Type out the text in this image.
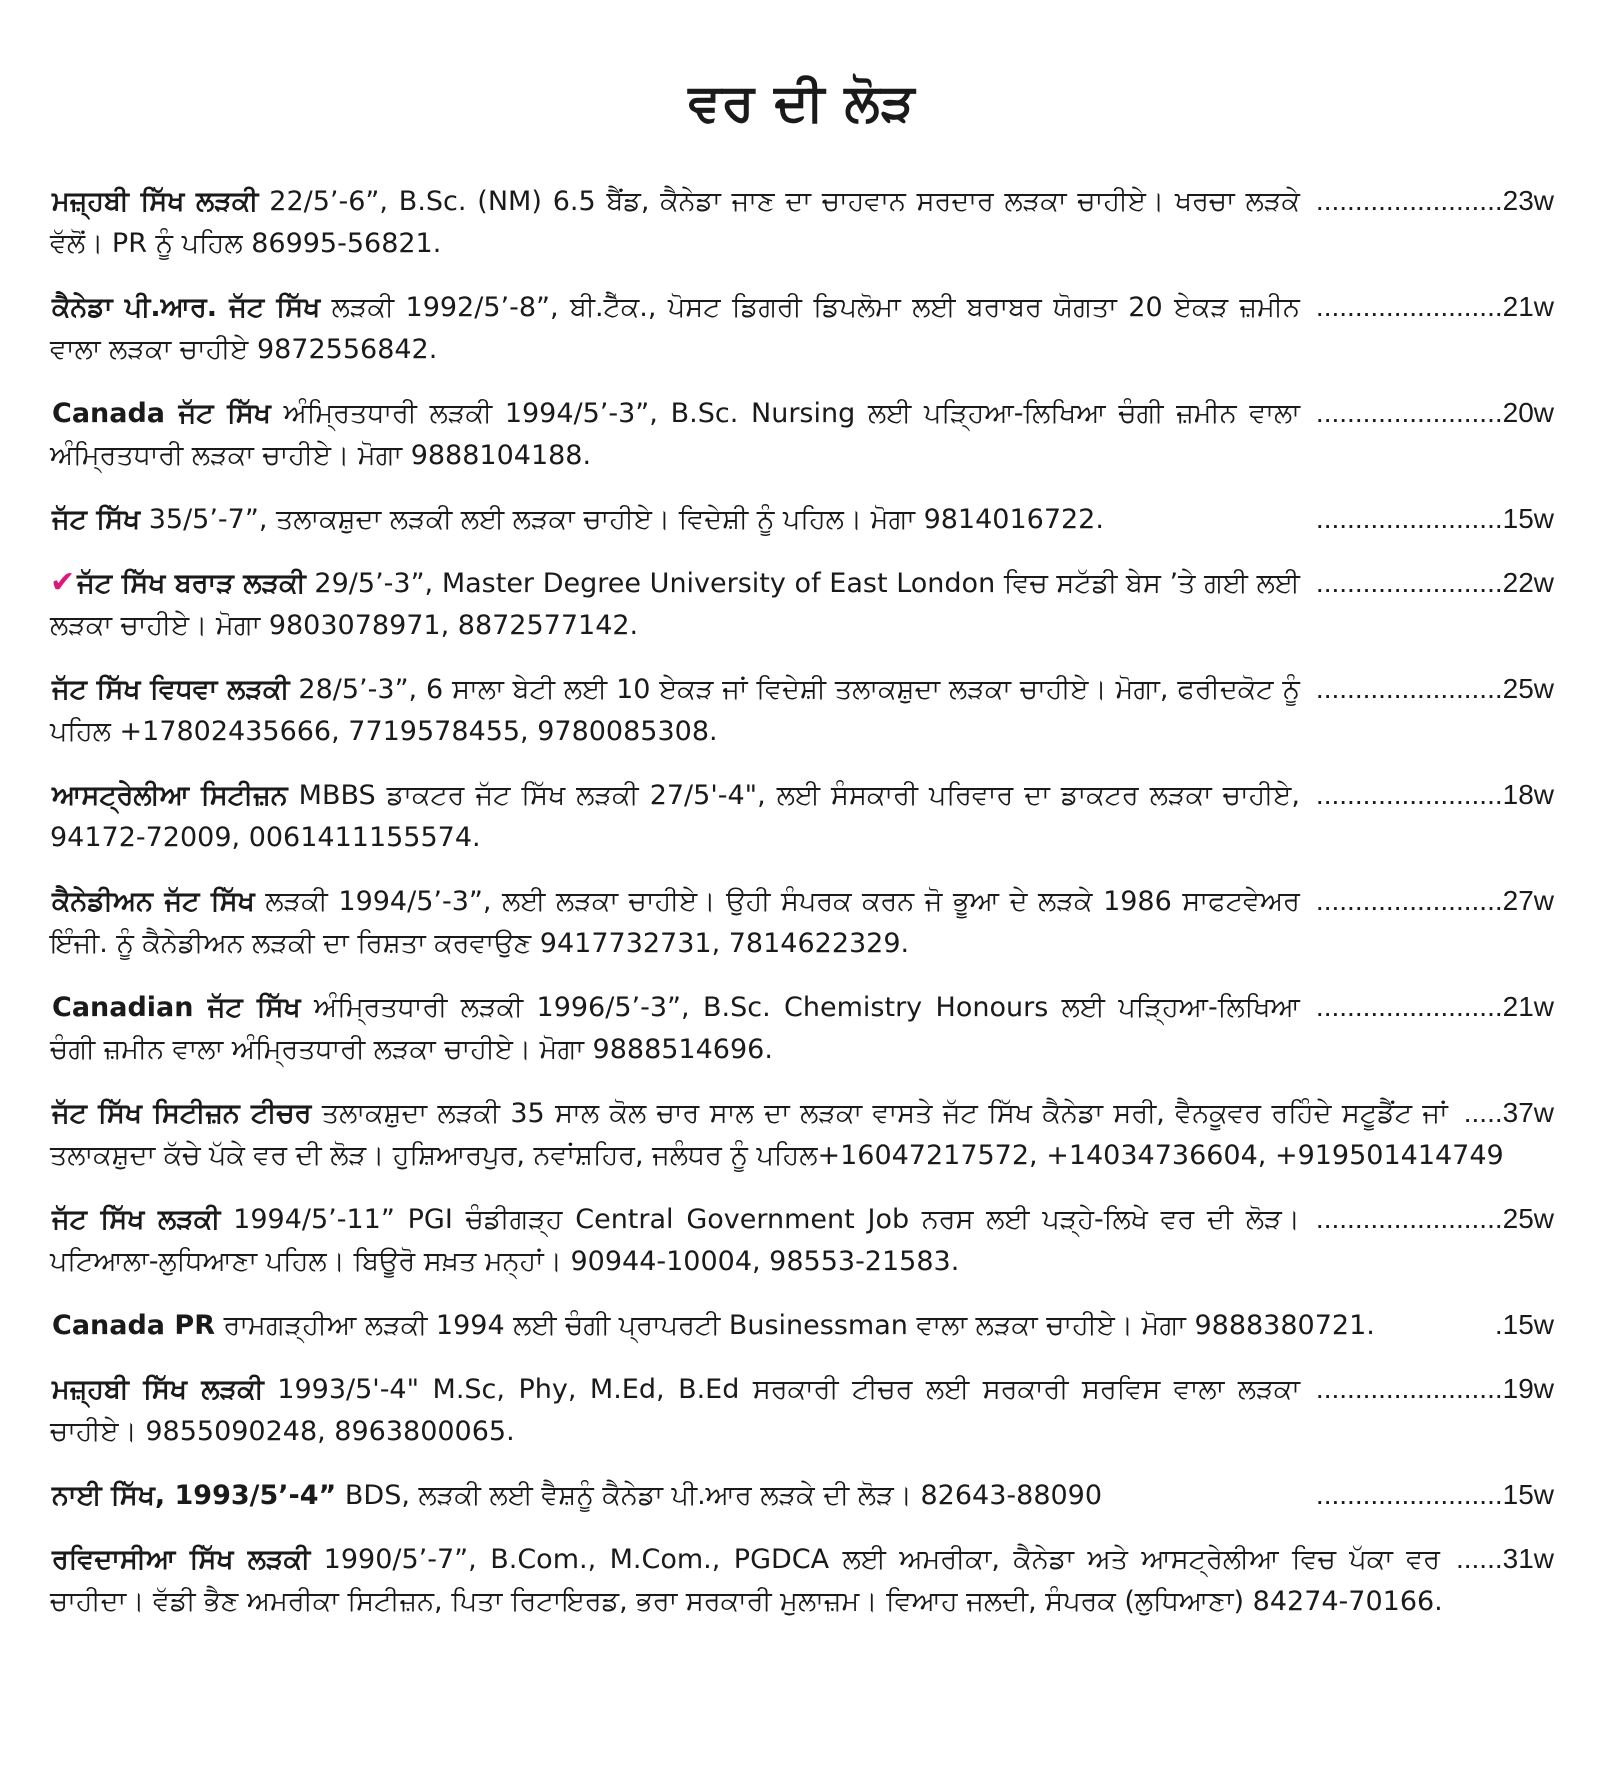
ਵਰ ਦੀ ਲੋੜ
........................23w
ਮਜ਼੍ਹਬੀ ਸਿੱਖ ਲੜਕੀ 22/5’-6”, B.Sc. (NM) 6.5 ਬੈਂਡ, ਕੈਨੇਡਾ ਜਾਣ ਦਾ ਚਾਹਵਾਨ ਸਰਦਾਰ ਲੜਕਾ ਚਾਹੀਏ। ਖਰਚਾ ਲੜਕੇ ਵੱਲੋਂ। PR ਨੂੰ ਪਹਿਲ 86995-56821.
........................21w
ਕੈਨੇਡਾ ਪੀ.ਆਰ. ਜੱਟ ਸਿੱਖ ਲੜਕੀ 1992/5’-8”, ਬੀ.ਟੈੱਕ., ਪੋਸਟ ਡਿਗਰੀ ਡਿਪਲੋਮਾ ਲਈ ਬਰਾਬਰ ਯੋਗਤਾ 20 ਏਕੜ ਜ਼ਮੀਨ ਵਾਲਾ ਲੜਕਾ ਚਾਹੀਏ 9872556842.
........................20w
Canada ਜੱਟ ਸਿੱਖ ਅੰਮ੍ਰਿਤਧਾਰੀ ਲੜਕੀ 1994/5’-3”, B.Sc. Nursing ਲਈ ਪੜ੍ਹਿਆ-ਲਿਖਿਆ ਚੰਗੀ ਜ਼ਮੀਨ ਵਾਲਾ ਅੰਮ੍ਰਿਤਧਾਰੀ ਲੜਕਾ ਚਾਹੀਏ। ਮੋਗਾ 9888104188.
........................15w
ਜੱਟ ਸਿੱਖ 35/5’-7”, ਤਲਾਕਸ਼ੁਦਾ ਲੜਕੀ ਲਈ ਲੜਕਾ ਚਾਹੀਏ। ਵਿਦੇਸ਼ੀ ਨੂੰ ਪਹਿਲ। ਮੋਗਾ 9814016722.
........................22w
✔ਜੱਟ ਸਿੱਖ ਬਰਾੜ ਲੜਕੀ 29/5’-3”, Master Degree University of East London ਵਿਚ ਸਟੱਡੀ ਬੇਸ ’ਤੇ ਗਈ ਲਈ ਲੜਕਾ ਚਾਹੀਏ। ਮੋਗਾ 9803078971, 8872577142.
........................25w
ਜੱਟ ਸਿੱਖ ਵਿਧਵਾ ਲੜਕੀ 28/5’-3”, 6 ਸਾਲਾ ਬੇਟੀ ਲਈ 10 ਏਕੜ ਜਾਂ ਵਿਦੇਸ਼ੀ ਤਲਾਕਸ਼ੁਦਾ ਲੜਕਾ ਚਾਹੀਏ। ਮੋਗਾ, ਫਰੀਦਕੋਟ ਨੂੰ ਪਹਿਲ +17802435666, 7719578455, 9780085308.
........................18w
ਆਸਟ੍ਰੇਲੀਆ ਸਿਟੀਜ਼ਨ MBBS ਡਾਕਟਰ ਜੱਟ ਸਿੱਖ ਲੜਕੀ 27/5'-4", ਲਈ ਸੰਸਕਾਰੀ ਪਰਿਵਾਰ ਦਾ ਡਾਕਟਰ ਲੜਕਾ ਚਾਹੀਏ, 94172-72009, 0061411155574.
........................27w
ਕੈਨੇਡੀਅਨ ਜੱਟ ਸਿੱਖ ਲੜਕੀ 1994/5’-3”, ਲਈ ਲੜਕਾ ਚਾਹੀਏ। ਉਹੀ ਸੰਪਰਕ ਕਰਨ ਜੋ ਭੂਆ ਦੇ ਲੜਕੇ 1986 ਸਾਫਟਵੇਅਰ ਇੰਜੀ. ਨੂੰ ਕੈਨੇਡੀਅਨ ਲੜਕੀ ਦਾ ਰਿਸ਼ਤਾ ਕਰਵਾਉਣ 9417732731, 7814622329.
........................21w
Canadian ਜੱਟ ਸਿੱਖ ਅੰਮ੍ਰਿਤਧਾਰੀ ਲੜਕੀ 1996/5’-3”, B.Sc. Chemistry Honours ਲਈ ਪੜ੍ਹਿਆ-ਲਿਖਿਆ ਚੰਗੀ ਜ਼ਮੀਨ ਵਾਲਾ ਅੰਮ੍ਰਿਤਧਾਰੀ ਲੜਕਾ ਚਾਹੀਏ। ਮੋਗਾ 9888514696.
.....37w
ਜੱਟ ਸਿੱਖ ਸਿਟੀਜ਼ਨ ਟੀਚਰ ਤਲਾਕਸ਼ੁਦਾ ਲੜਕੀ 35 ਸਾਲ ਕੋਲ ਚਾਰ ਸਾਲ ਦਾ ਲੜਕਾ ਵਾਸਤੇ ਜੱਟ ਸਿੱਖ ਕੈਨੇਡਾ ਸਰੀ, ਵੈਨਕੂਵਰ ਰਹਿੰਦੇ ਸਟੂਡੈਂਟ ਜਾਂ ਤਲਾਕਸ਼ੁਦਾ ਕੱਚੇ ਪੱਕੇ ਵਰ ਦੀ ਲੋੜ। ਹੁਸ਼ਿਆਰਪੁਰ, ਨਵਾਂਸ਼ਹਿਰ, ਜਲੰਧਰ ਨੂੰ ਪਹਿਲ+16047217572, +14034736604, +919501414749
........................25w
ਜੱਟ ਸਿੱਖ ਲੜਕੀ 1994/5’-11” PGI ਚੰਡੀਗੜ੍ਹ Central Government Job ਨਰਸ ਲਈ ਪੜ੍ਹੇ-ਲਿਖੇ ਵਰ ਦੀ ਲੋੜ। ਪਟਿਆਲਾ-ਲੁਧਿਆਣਾ ਪਹਿਲ। ਬਿਊਰੋ ਸਖ਼ਤ ਮਨ੍ਹਾਂ। 90944-10004, 98553-21583.
.15w
Canada PR ਰਾਮਗੜ੍ਹੀਆ ਲੜਕੀ 1994 ਲਈ ਚੰਗੀ ਪ੍ਰਾਪਰਟੀ Businessman ਵਾਲਾ ਲੜਕਾ ਚਾਹੀਏ। ਮੋਗਾ 9888380721.
........................19w
ਮਜ਼੍ਹਬੀ ਸਿੱਖ ਲੜਕੀ 1993/5'-4" M.Sc, Phy, M.Ed, B.Ed ਸਰਕਾਰੀ ਟੀਚਰ ਲਈ ਸਰਕਾਰੀ ਸਰਵਿਸ ਵਾਲਾ ਲੜਕਾ ਚਾਹੀਏ। 9855090248, 8963800065.
........................15w
ਨਾਈ ਸਿੱਖ, 1993/5’-4” BDS, ਲੜਕੀ ਲਈ ਵੈਸ਼ਨੂੰ ਕੈਨੇਡਾ ਪੀ.ਆਰ ਲੜਕੇ ਦੀ ਲੋੜ। 82643-88090
......31w
ਰਵਿਦਾਸੀਆ ਸਿੱਖ ਲੜਕੀ 1990/5’-7”, B.Com., M.Com., PGDCA ਲਈ ਅਮਰੀਕਾ, ਕੈਨੇਡਾ ਅਤੇ ਆਸਟ੍ਰੇਲੀਆ ਵਿਚ ਪੱਕਾ ਵਰ ਚਾਹੀਦਾ। ਵੱਡੀ ਭੈਣ ਅਮਰੀਕਾ ਸਿਟੀਜ਼ਨ, ਪਿਤਾ ਰਿਟਾਇਰਡ, ਭਰਾ ਸਰਕਾਰੀ ਮੁਲਾਜ਼ਮ। ਵਿਆਹ ਜਲਦੀ, ਸੰਪਰਕ (ਲੁਧਿਆਣਾ) 84274-70166.
